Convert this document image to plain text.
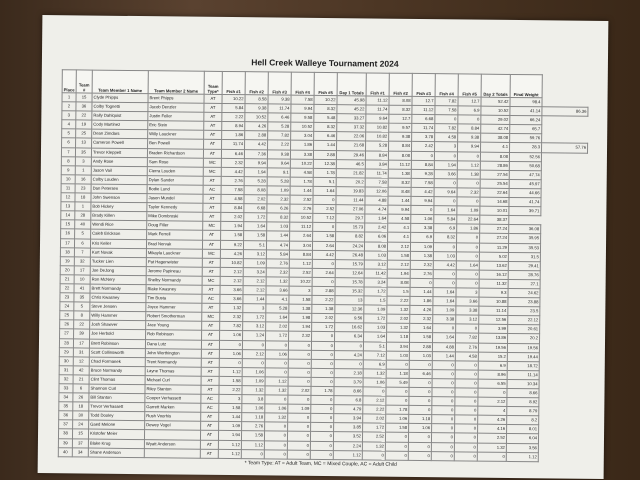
Hell Creek Walleye Tournament 2024
Place	Team #	Team Member 1 Name	Team Member 2 Name	Team Type*	Fish #1	Fish #2	Fish #3	Fish #4	Fish #5	Day 1 Totals	Fish #1	Fish #2	Fish #3	Fish #4	Fish #5	Day 2 Totals	Final Weight	
1	15	Clyde Phipps	Brent Phipps	AT	10.22	8.58	9.38	7.58	10.22	45.98	11.12	8.08	12.7	7.82	12.7	52.42	98.4	
2	36	Colby Tognetti	Jacob Denzler	AT	5.84	9.38	11.74	9.94	8.32	45.22	11.74	8.32	11.12	7.58	6.9	10.52	41.14	86.36
3	22	Rally Dahlquist	Justin Feller	AT	2.22	10.52	6.46	9.58	5.48	33.27	9.64	12.7	6.68	0	0	29.02	66.24	
4	19	Cody Martinez	Eric Stein	AT	8.94	4.26	5.28	10.52	8.32	37.32	10.82	9.57	11.74	7.82	8.84	42.74	65.7	
5	25	Dean Zimdars	Willy Lauckner	AT	1.86	2.88	7.82	3.04	6.46	22.06	10.82	9.38	3.78	4.58	9.38	38.08	59.76	
6	13	Cameron Powell	Ben Powell	AT	11.74	4.42	2.22	1.86	1.44	21.68	5.28	8.84	2.42	3	9.94	4.1	28.3	57.76
7	35	Trevor Kleppelt	Braden Richardson	AT	6.46	7.36	9.38	3.38	2.88	29.46	8.84	8.08	0	0	0	8.08	52.56	
8	3	Andy Rose	Sam Rose	MC	2.32	9.94	9.64	10.22	12.38	46.5	3.84	11.12	8.84	1.94	1.12	28.86	50.68	
9	1	Jason Vail	Cierra Louden	MC	4.42	1.94	9.1	4.58	1.78	21.82	11.74	1.38	9.28	3.66	1.38	27.54	47.74	
10	16	Colby Louden	Dylan Sander	AT	2.76	5.28	5.28	1.78	5.1	20.2	7.58	8.32	7.58	0	0	25.54	45.97	
11	23	Dan Petersen	Bodie Lund	AC	7.58	8.08	1.09	1.44	1.64	19.83	12.06	8.48	4.42	9.64	2.32	22.64	44.66	
12	18	John Swenson	Jason Mundel	AT	4.58	2.02	2.32	2.52	0	11.44	4.88	1.44	9.94	0	0	14.68	41.74	
13	1	Bob Hickey	Taylor Kennedy	AT	8.84	6.68	6.26	2.76	2.52	27.06	4.74	9.94	0	1.64	1.09	10.01	39.71	
14	28	Brady Killen	Mike Dombroski	AT	2.02	1.72	8.32	10.52	7.12	29.7	1.64	4.58	1.06	5.84	22.64	38.37		
15	40	Wendi Rice	Doug Filler	MC	1.94	1.64	1.03	11.12	0	15.73	2.42	4.1	3.38	6.9	1.86	27.24	36.08	
16	5	Caleb Erickson	Mark Ferrell	AT	1.58	1.58	1.44	2.64	1.58	8.82	6.06	4.1	6.9	8.32	0	27.24	35.95	
17	6	Kris Keller	Brad Norvak	AT	9.22	5.1	4.74	3.04	2.64	24.24	8.08	2.12	1.09	0	0	11.29	35.53	
18	7	Kurt Novak	Mikayla Lauckner	MC	4.26	3.12	5.84	8.84	4.42	26.48	1.03	1.58	1.38	1.03	0	5.02	31.5	
19	32	Tucker Lien	Pat Hagenwister	AT	10.82	1.09	2.76	1.12	0	15.79	3.12	2.12	2.32	4.42	1.64	13.62	29.41	
20	17	Joe DeJong	Jerome Papineau	AT	2.12	3.24	2.32	2.52	2.64	12.64	11.42	1.94	2.76	0	0	16.12	28.76	
21	10	Ron McNery	Shelby Normandy	MC	2.12	2.12	1.32	10.22	0	15.78	3.24	8.08	0	0	0	11.32	27.1	
22	41	Brett Normandy	Blake Kwasney	AT	3.66	2.12	3.66	3	2.88	15.32	1.72	1.5	1.44	1.64	3	9.3	24.62	
23	35	Chris Kwasney	Tim Busta	AC	3.66	1.44	4.1	1.58	2.22	13	1.5	2.22	1.86	1.64	3.66	10.88	23.88	
24	5	Steve Jensen	Joyce Hammer	AT	1.32	3	5.28	1.38	1.38	12.36	1.09	1.32	4.26	1.09	3.38	11.14	23.5	
25	8	Willy Hammer	Robert Smotherman	MC	2.32	1.72	1.64	1.98	2.02	9.56	1.72	2.02	2.32	3.38	3.12	12.56	22.12	
26	22	Josh Shawver	Jace Young	AT	7.82	3.12	2.02	1.94	1.72	16.62	1.03	1.32	1.64	0	0	3.99	20.61	
27	39	Joe Herbold	Rob Robinson	AT	1.06	1.24	1.72	2.32	0	6.34	1.64	1.18	1.58	1.64	7.82	13.86	20.2	
28	17	Brett Robinson	Dana Lutz	AT	0	0	0	0	0	0	5.1	3.94	2.88	4.88	2.76	19.56	19.56	
29	31	Scott Collinsworth	John Worthington	AT	1.06	2.12	1.06	0	0	4.24	7.12	1.03	1.03	1.44	4.58	15.2	19.44	
30	12	Chad Formanek	Trent Normandy	AT	0	0	0	0	0	0	6.9	0	0	0	0	6.9	18.72	
31	42	Bruce Normandy	Layne Thomas	AT	1.12	1.06	0	0	0	2.18	1.32	1.18	6.46	0	0	8.96	11.14	
32	21	Clint Thomas	Michael Curl	AT	1.58	1.09	1.12	0	0	3.79	1.06	5.49	0	0	0	6.55	10.34	
33	6	Shannon Curl	Riley Stanton	AT	2.22	1.32	1.32	2.02	1.78	8.66	0	0	0	0	0	0	8.66	
34	26	Bill Stanton	Cooper Verhassett	AC	3	3.8	0	0	0	6.8	2.12	0	0	0	0	2.12	8.92	
35	18	Trevor Verhassett	Garrett Marken	AC	1.58	1.06	1.06	1.09	0	4.79	2.22	1.78	0	0	0	4	8.79	
36	30	Todd Dooley	Rush Voorhis	AT	1.44	1.18	1.32	0	0	3.94	2.02	1.06	1.18	0	0	4.26	8.2	
37	24	Gaed Melone	Dewey Vogel	AT	1.09	2.76	0	0	0	3.85	1.72	1.58	1.06	0	0	4.16	8.01	
38	15	Kristofer Meier		AT	1.94	1.58	0	0	0	3.52	2.52	0	0	0	0	2.52	6.04	
39	37	Blake Krug	Wyatt Anderson	AT	1.12	1.12	0	0	0	2.24	1.32	0	0	0	0	1.32	3.56	
40	34	Shane Anderson		AT	1.12	0	0	0	0	1.12	0	0	0	0	0	0	1.12	
* Team Type: AT = Adult Team, MC = Mixed Couple, AC = Adult Child
